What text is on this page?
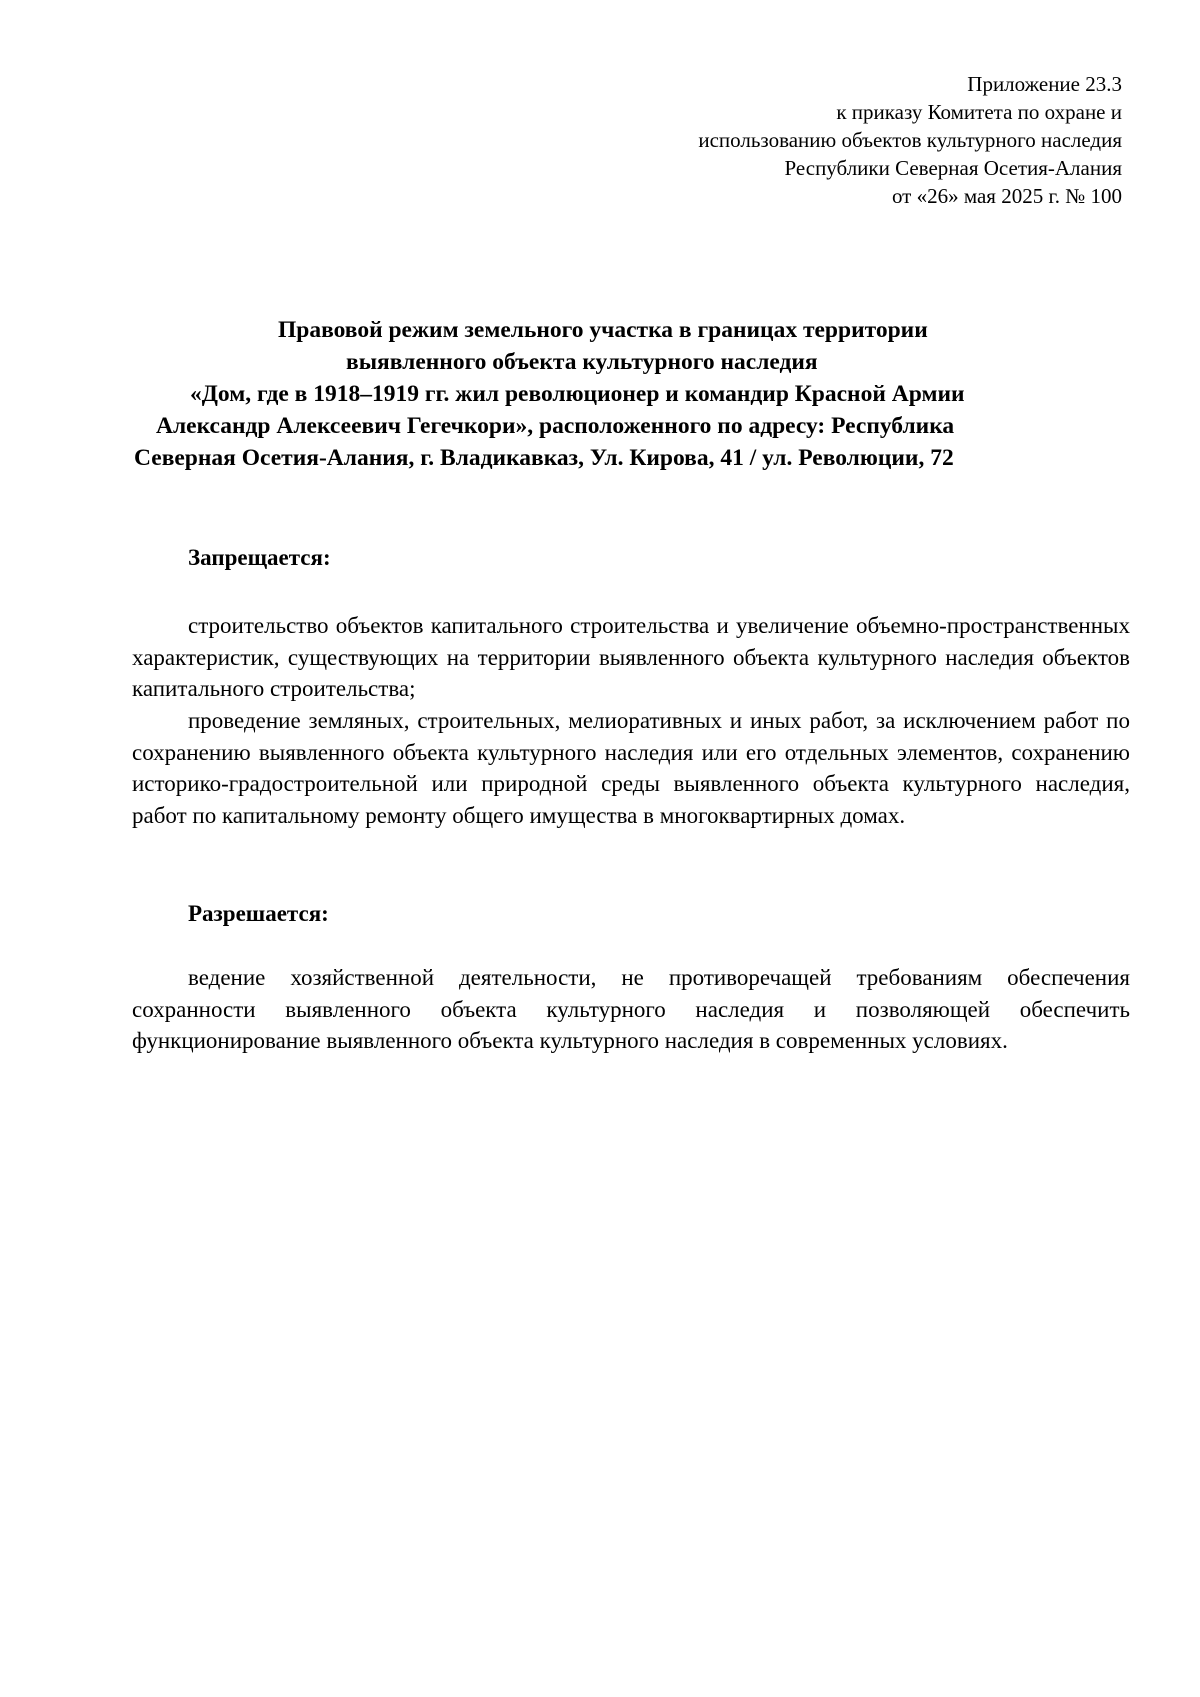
Приложение 23.3
к приказу Комитета по охране и
использованию объектов культурного наследия
Республики Северная Осетия-Алания
от «26» мая 2025 г. № 100
Правовой режим земельного участка в границах территории
выявленного объекта культурного наследия
«Дом, где в 1918–1919 гг. жил революционер и командир Красной Армии
Александр Алексеевич Гегечкори», расположенного по адресу: Республика
Северная Осетия-Алания, г. Владикавказ, Ул. Кирова, 41 / ул. Революции, 72
Запрещается:

строительство объектов капитального строительства и увеличение объемно-пространственных характеристик, существующих на территории выявленного объекта культурного наследия объектов капитального строительства;

проведение земляных, строительных, мелиоративных и иных работ, за исключением работ по сохранению выявленного объекта культурного наследия или его отдельных элементов, сохранению историко-градостроительной или природной среды выявленного объекта культурного наследия, работ по капитальному ремонту общего имущества в многоквартирных домах.

Разрешается:

ведение хозяйственной деятельности, не противоречащей требованиям обеспечения сохранности выявленного объекта культурного наследия и позволяющей обеспечить функционирование выявленного объекта культурного наследия в современных условиях.
